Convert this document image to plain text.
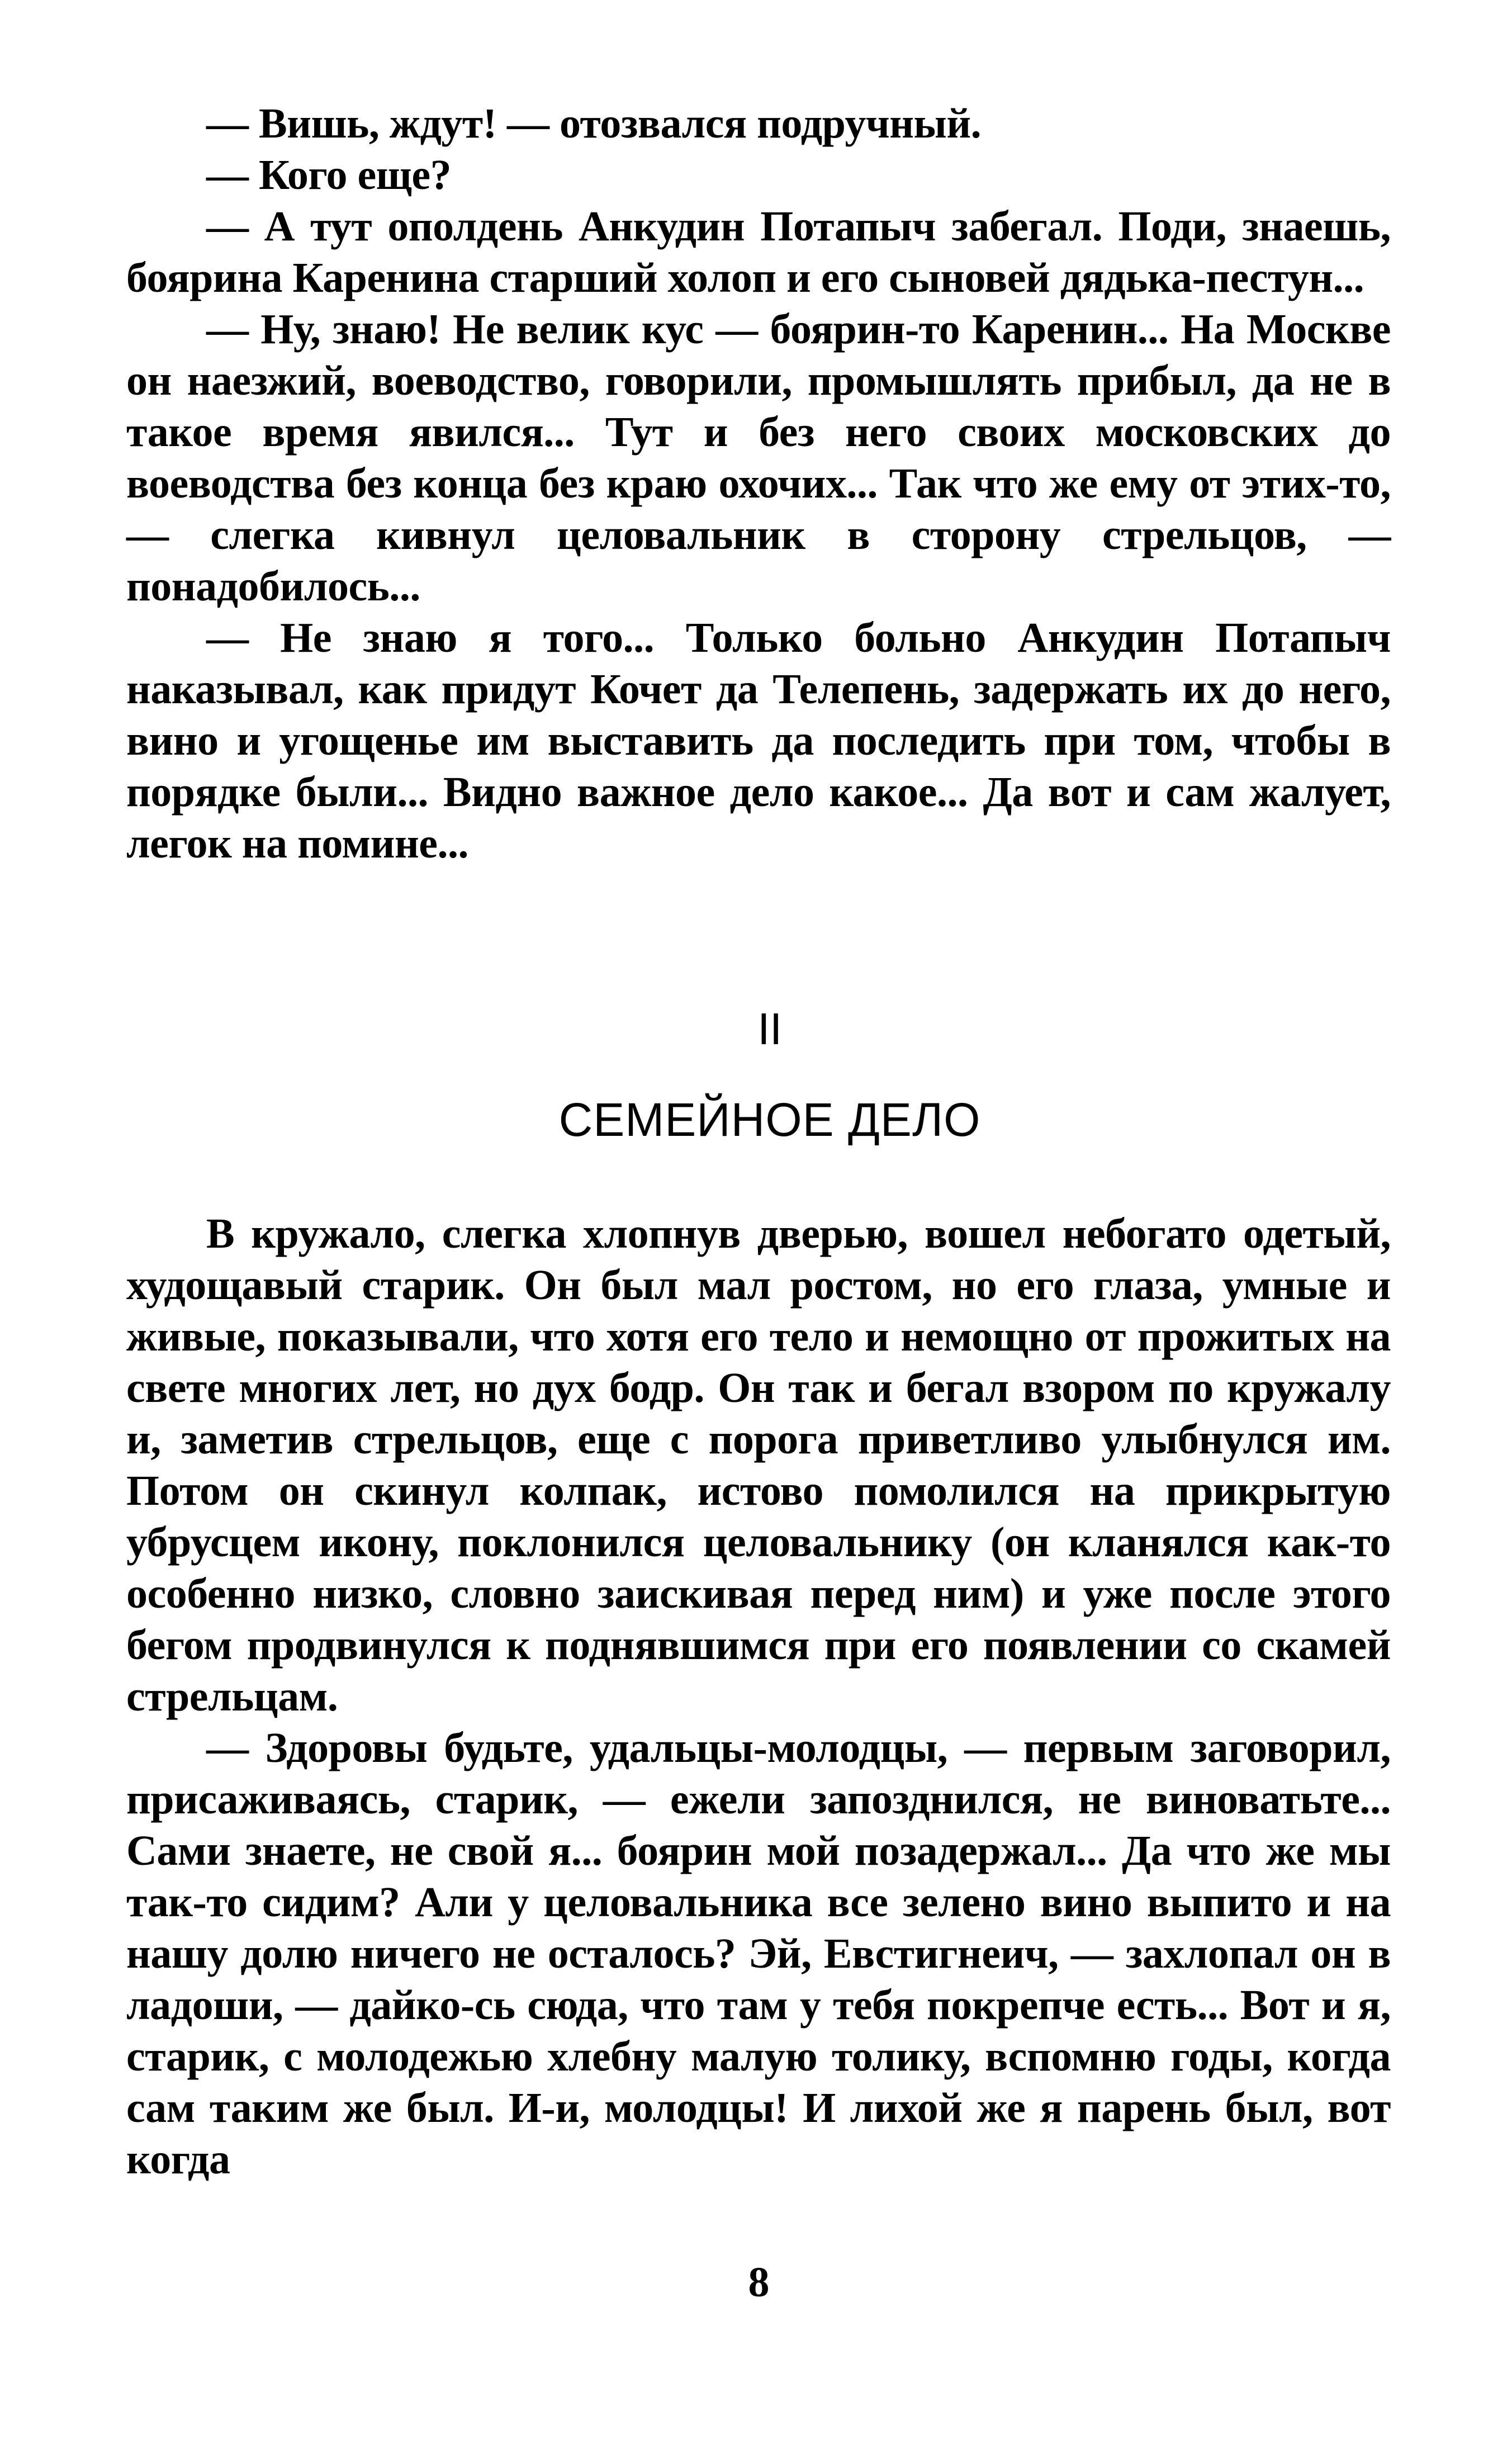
— Вишь, ждут! — отозвался подручный.

— Кого еще?

— А тут ополдень Анкудин Потапыч забегал. Поди, знаешь, боярина Каренина старший холоп и его сыновей дядька-пестун...

— Ну, знаю! Не велик кус — боярин-то Каренин... На Москве он наезжий, воеводство, говорили, промышлять прибыл, да не в такое время явился... Тут и без него своих московских до воеводства без конца без краю охочих... Так что же ему от этих-то, — слегка кивнул целовальник в сторону стрельцов, — понадобилось...

— Не знаю я того... Только больно Анкудин Потапыч наказывал, как придут Кочет да Телепень, задержать их до него, вино и угощенье им выставить да последить при том, чтобы в порядке были... Видно важное дело какое... Да вот и сам жалует, легок на помине...

II
СЕМЕЙНОЕ ДЕЛО

В кружало, слегка хлопнув дверью, вошел небогато одетый, худощавый старик. Он был мал ростом, но его глаза, умные и живые, показывали, что хотя его тело и немощно от прожитых на свете многих лет, но дух бодр. Он так и бегал взором по кружалу и, заметив стрельцов, еще с порога приветливо улыбнулся им. Потом он скинул колпак, истово помолился на прикрытую убрусцем икону, поклонился целовальнику (он кланялся как-то особенно низко, словно заискивая перед ним) и уже после этого бегом продвинулся к поднявшимся при его появлении со скамей стрельцам.

— Здоровы будьте, удальцы-молодцы, — первым заговорил, присаживаясь, старик, — ежели запозднился, не виноватьте... Сами знаете, не свой я... боярин мой позадержал... Да что же мы так-то сидим? Али у целовальника все зелено вино выпито и на нашу долю ничего не осталось? Эй, Евстигнеич, — захлопал он в ладоши, — дайко-сь сюда, что там у тебя покрепче есть... Вот и я, старик, с молодежью хлебну малую толику, вспомню годы, когда сам таким же был. И-и, молодцы! И лихой же я парень был, вот когда

8
